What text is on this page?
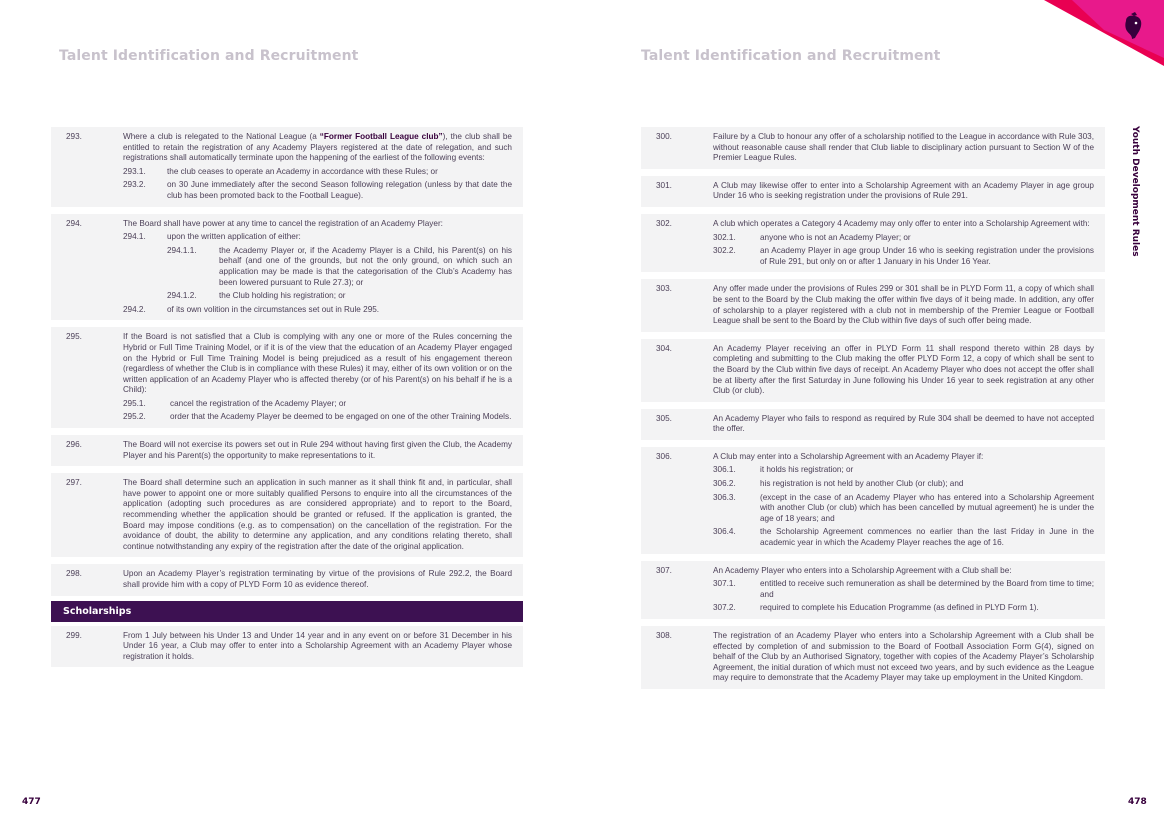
Talent Identification and Recruitment	Talent Identification and Recruitment
Youth Development Rules
293.	Where a club is relegated to the National League (a “Former Football League club”), the club shall be entitled to retain the registration of any Academy Players registered at the date of relegation, and such registrations shall automatically terminate upon the happening of the earliest of the following events:
293.1.	the club ceases to operate an Academy in accordance with these Rules; or
293.2.	on 30 June immediately after the second Season following relegation (unless by that date the club has been promoted back to the Football League).
294.	The Board shall have power at any time to cancel the registration of an Academy Player:
294.1.	upon the written application of either:
294.1.1.	the Academy Player or, if the Academy Player is a Child, his Parent(s) on his behalf (and one of the grounds, but not the only ground, on which such an application may be made is that the categorisation of the Club’s Academy has been lowered pursuant to Rule 27.3); or
294.1.2.	the Club holding his registration; or
294.2.	of its own volition in the circumstances set out in Rule 295.
295.	If the Board is not satisfied that a Club is complying with any one or more of the Rules concerning the Hybrid or Full Time Training Model, or if it is of the view that the education of an Academy Player engaged on the Hybrid or Full Time Training Model is being prejudiced as a result of his engagement thereon (regardless of whether the Club is in compliance with these Rules) it may, either of its own volition or on the written application of an Academy Player who is affected thereby (or of his Parent(s) on his behalf if he is a Child):
295.1.	cancel the registration of the Academy Player; or
295.2.	order that the Academy Player be deemed to be engaged on one of the other Training Models.
296.	The Board will not exercise its powers set out in Rule 294 without having first given the Club, the Academy Player and his Parent(s) the opportunity to make representations to it.
297.	The Board shall determine such an application in such manner as it shall think fit and, in particular, shall have power to appoint one or more suitably qualified Persons to enquire into all the circumstances of the application (adopting such procedures as are considered appropriate) and to report to the Board, recommending whether the application should be granted or refused. If the application is granted, the Board may impose conditions (e.g. as to compensation) on the cancellation of the registration. For the avoidance of doubt, the ability to determine any application, and any conditions relating thereto, shall continue notwithstanding any expiry of the registration after the date of the original application.
298.	Upon an Academy Player’s registration terminating by virtue of the provisions of Rule 292.2, the Board shall provide him with a copy of PLYD Form 10 as evidence thereof.
Scholarships
299.	From 1 July between his Under 13 and Under 14 year and in any event on or before 31 December in his Under 16 year, a Club may offer to enter into a Scholarship Agreement with an Academy Player whose registration it holds.
300.	Failure by a Club to honour any offer of a scholarship notified to the League in accordance with Rule 303, without reasonable cause shall render that Club liable to disciplinary action pursuant to Section W of the Premier League Rules.
301.	A Club may likewise offer to enter into a Scholarship Agreement with an Academy Player in age group Under 16 who is seeking registration under the provisions of Rule 291.
302.	A club which operates a Category 4 Academy may only offer to enter into a Scholarship Agreement with:
302.1.	anyone who is not an Academy Player; or
302.2.	an Academy Player in age group Under 16 who is seeking registration under the provisions of Rule 291, but only on or after 1 January in his Under 16 Year.
303.	Any offer made under the provisions of Rules 299 or 301 shall be in PLYD Form 11, a copy of which shall be sent to the Board by the Club making the offer within five days of it being made. In addition, any offer of scholarship to a player registered with a club not in membership of the Premier League or Football League shall be sent to the Board by the Club within five days of such offer being made.
304.	An Academy Player receiving an offer in PLYD Form 11 shall respond thereto within 28 days by completing and submitting to the Club making the offer PLYD Form 12, a copy of which shall be sent to the Board by the Club within five days of receipt. An Academy Player who does not accept the offer shall be at liberty after the first Saturday in June following his Under 16 year to seek registration at any other Club (or club).
305.	An Academy Player who fails to respond as required by Rule 304 shall be deemed to have not accepted the offer.
306.	A Club may enter into a Scholarship Agreement with an Academy Player if:
306.1.	it holds his registration; or
306.2.	his registration is not held by another Club (or club); and
306.3.	(except in the case of an Academy Player who has entered into a Scholarship Agreement with another Club (or club) which has been cancelled by mutual agreement) he is under the age of 18 years; and
306.4.	the Scholarship Agreement commences no earlier than the last Friday in June in the academic year in which the Academy Player reaches the age of 16.
307.	An Academy Player who enters into a Scholarship Agreement with a Club shall be:
307.1.	entitled to receive such remuneration as shall be determined by the Board from time to time; and
307.2.	required to complete his Education Programme (as defined in PLYD Form 1).
308.	The registration of an Academy Player who enters into a Scholarship Agreement with a Club shall be effected by completion of and submission to the Board of Football Association Form G(4), signed on behalf of the Club by an Authorised Signatory, together with copies of the Academy Player’s Scholarship Agreement, the initial duration of which must not exceed two years, and by such evidence as the League may require to demonstrate that the Academy Player may take up employment in the United Kingdom.
477	478
